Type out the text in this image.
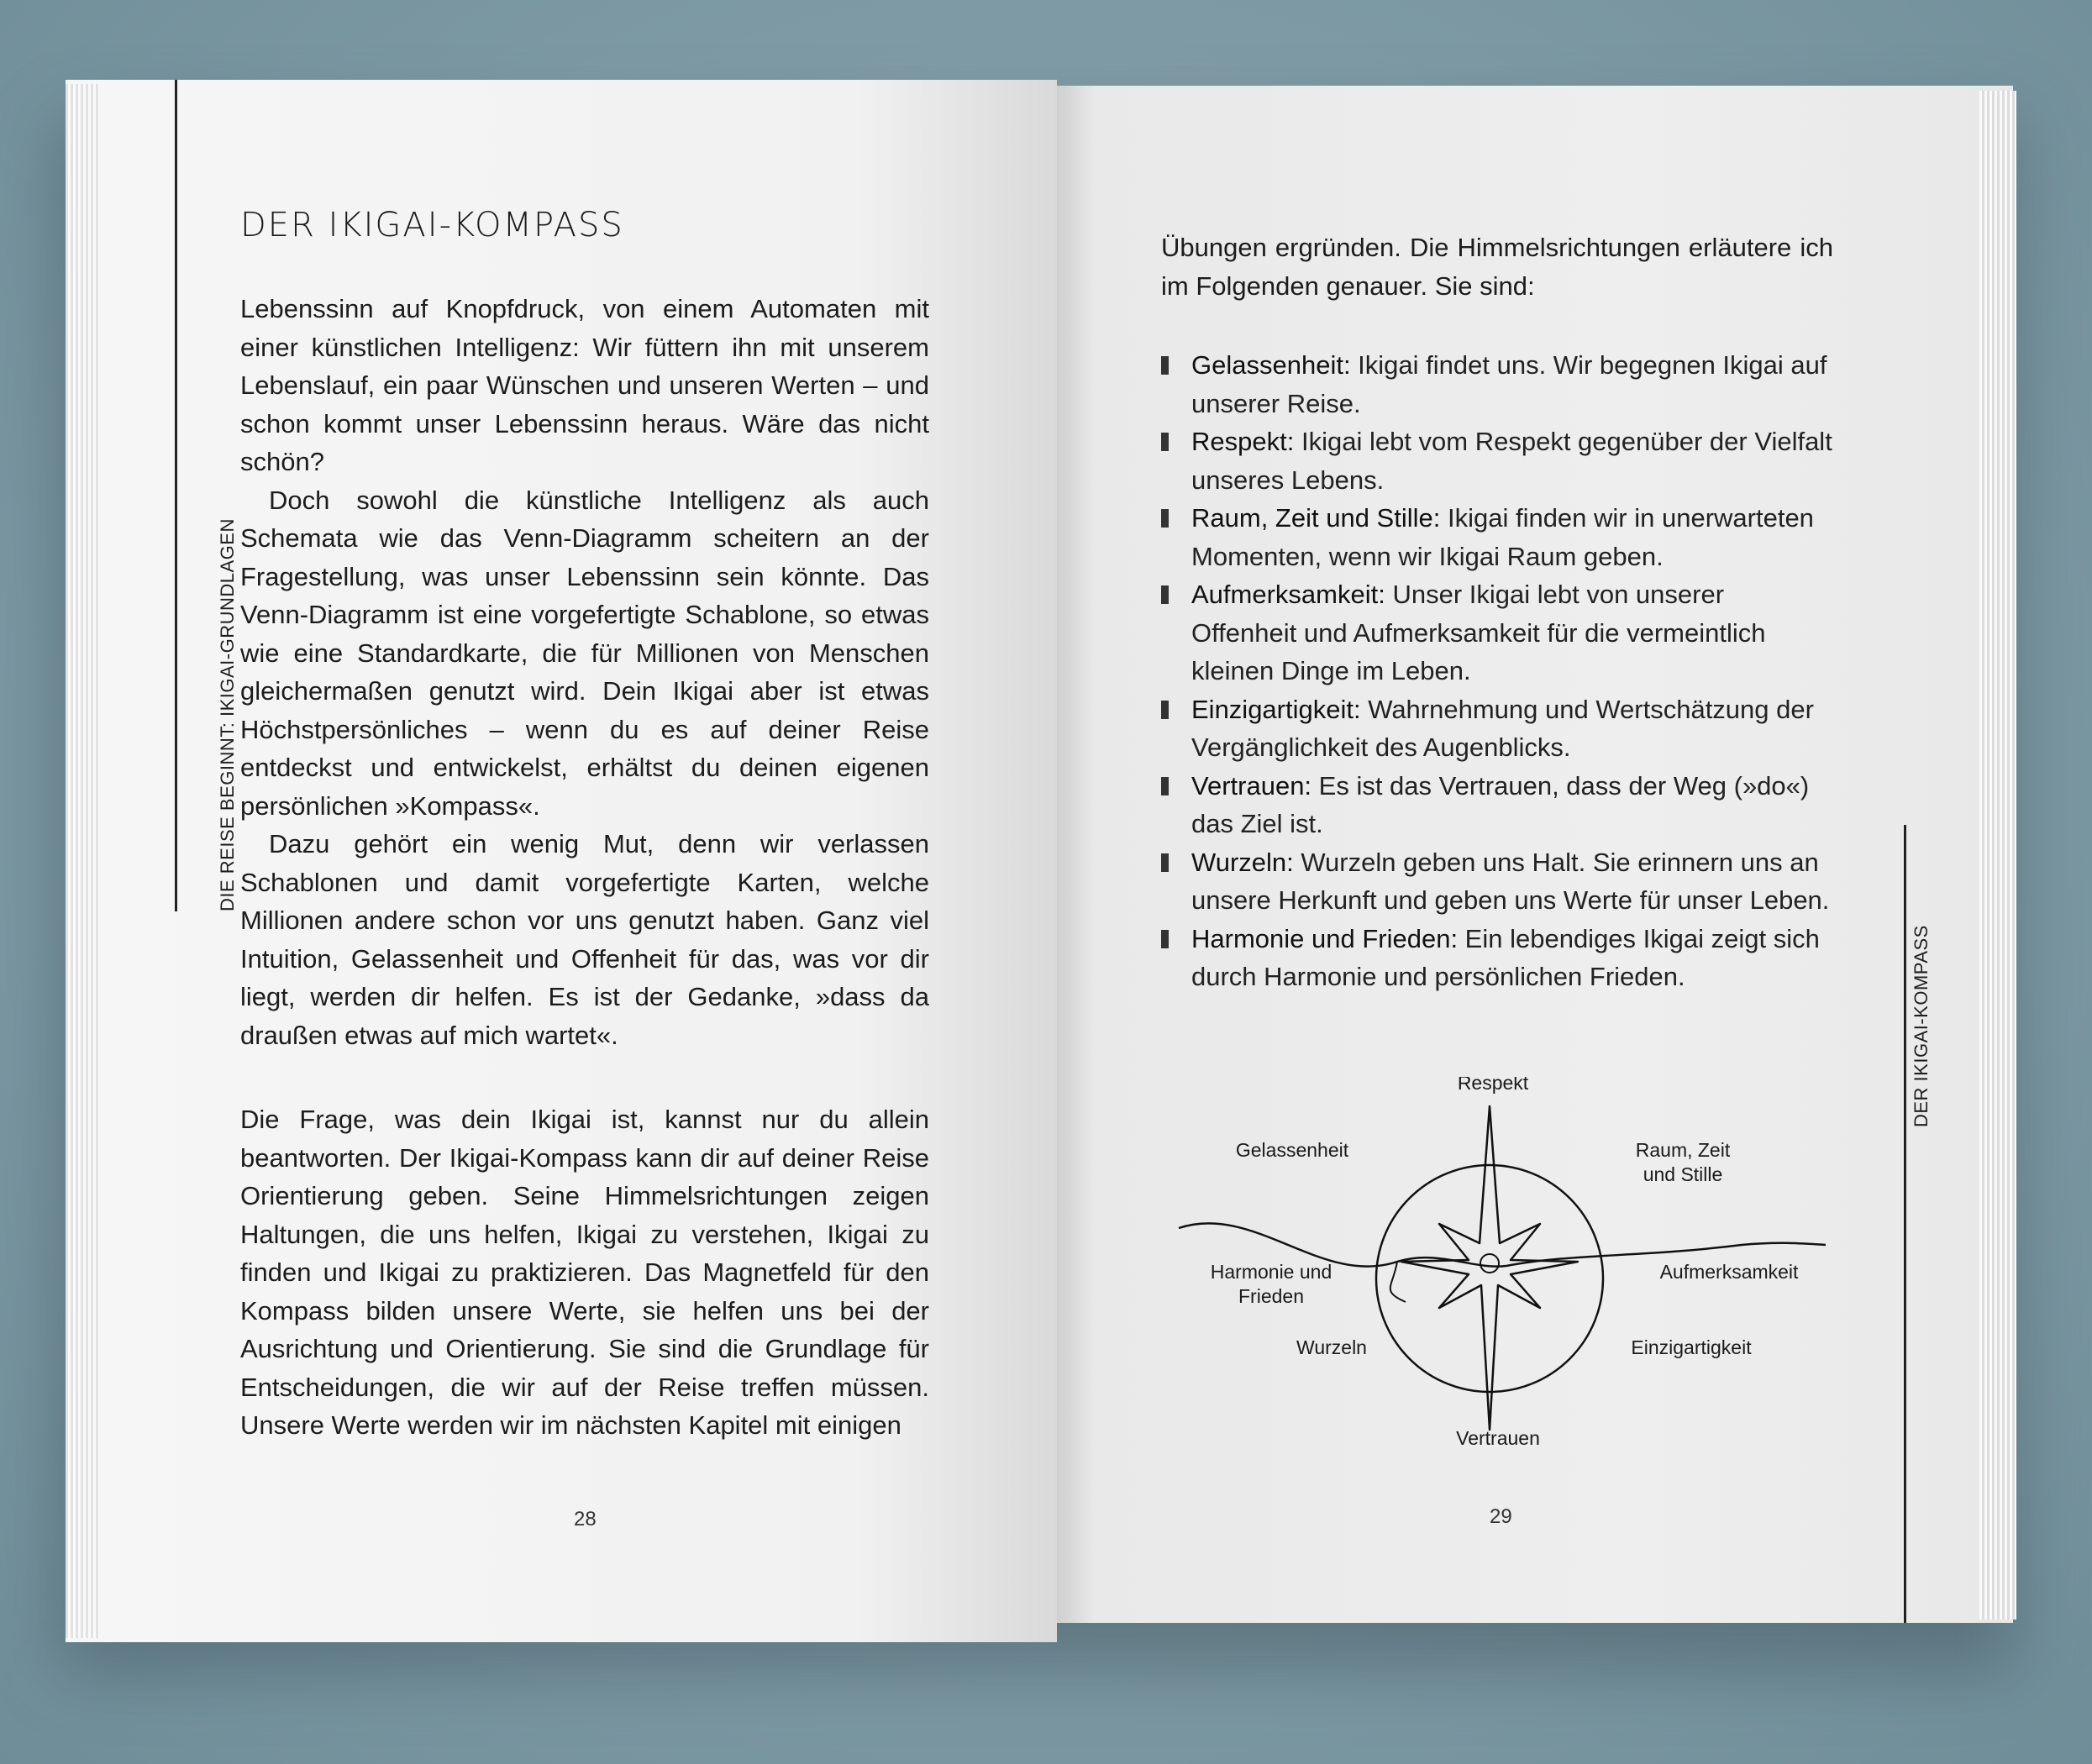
DIE REISE BEGINNT: IKIGAI-GRUNDLAGEN
DER IKIGAI-KOMPASS

Lebenssinn auf Knopfdruck, von einem Automaten mit einer künstlichen Intelligenz: Wir füttern ihn mit unserem Lebenslauf, ein paar Wünschen und unseren Werten – und schon kommt unser Lebenssinn heraus. Wäre das nicht schön?

Doch sowohl die künstliche Intelligenz als auch Schemata wie das Venn-Diagramm scheitern an der Fragestellung, was unser Lebenssinn sein könnte. Das Venn-Diagramm ist eine vorgefertigte Schablone, so etwas wie eine Standardkarte, die für Millionen von Menschen gleichermaßen genutzt wird. Dein Ikigai aber ist etwas Höchstpersönliches – wenn du es auf deiner Reise entdeckst und entwickelst, erhältst du deinen eigenen persönlichen »Kompass«.

Dazu gehört ein wenig Mut, denn wir verlassen Schablonen und damit vorgefertigte Karten, welche Millionen andere schon vor uns genutzt haben. Ganz viel Intuition, Gelassenheit und Offenheit für das, was vor dir liegt, werden dir helfen. Es ist der Gedanke, »dass da draußen etwas auf mich wartet«.

Die Frage, was dein Ikigai ist, kannst nur du allein beantworten. Der Ikigai-Kompass kann dir auf deiner Reise Orientierung geben. Seine Himmelsrichtungen zeigen Haltungen, die uns helfen, Ikigai zu verstehen, Ikigai zu finden und Ikigai zu praktizieren. Das Magnetfeld für den Kompass bilden unsere Werte, sie helfen uns bei der Ausrichtung und Orientierung. Sie sind die Grundlage für Entscheidungen, die wir auf der Reise treffen müssen. Unsere Werte werden wir im nächsten Kapitel mit einigen

28

Übungen ergründen. Die Himmelsrichtungen erläutere ich im Folgenden genauer. Sie sind:

Gelassenheit: Ikigai findet uns. Wir begegnen Ikigai auf unserer Reise.
Respekt: Ikigai lebt vom Respekt gegenüber der Vielfalt unseres Lebens.
Raum, Zeit und Stille: Ikigai finden wir in unerwarteten Momenten, wenn wir Ikigai Raum geben.
Aufmerksamkeit: Unser Ikigai lebt von unserer Offenheit und Aufmerksamkeit für die vermeintlich kleinen Dinge im Leben.
Einzigartigkeit: Wahrnehmung und Wertschätzung der Vergänglichkeit des Augenblicks.
Vertrauen: Es ist das Vertrauen, dass der Weg (»do«) das Ziel ist.
Wurzeln: Wurzeln geben uns Halt. Sie erinnern uns an unsere Herkunft und geben uns Werte für unser Leben.
Harmonie und Frieden: Ein lebendiges Ikigai zeigt sich durch Harmonie und persönlichen Frieden.
Respekt
Gelassenheit	Raum, Zeit
und Stille
Harmonie und
Frieden
Aufmerksamkeit
Wurzeln	Einzigartigkeit
Vertrauen
DER IKIGAI-KOMPASS
29
